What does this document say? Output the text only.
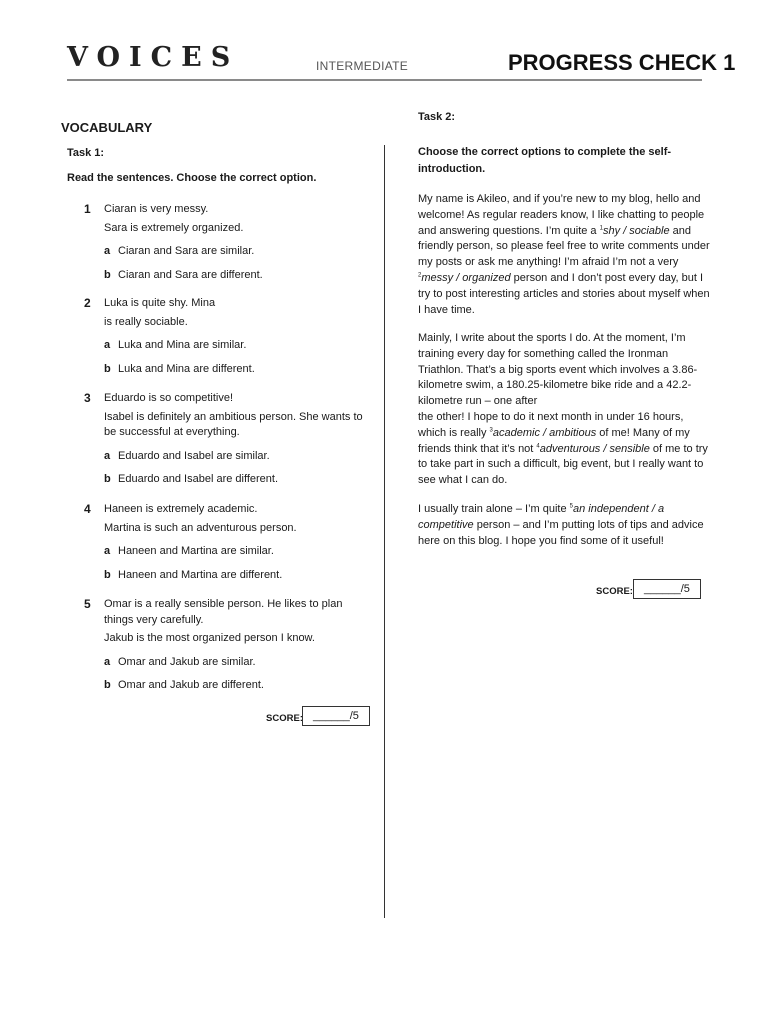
VOICES	INTERMEDIATE	PROGRESS CHECK 1
VOCABULARY
Task 1:
Read the sentences. Choose the correct option.
1 Ciaran is very messy.
Sara is extremely organized.
a Ciaran and Sara are similar.
b Ciaran and Sara are different.
2 Luka is quite shy. Mina
is really sociable.
a Luka and Mina are similar.
b Luka and Mina are different.
3 Eduardo is so competitive!
Isabel is definitely an ambitious person. She wants to be successful at everything.
a Eduardo and Isabel are similar.
b Eduardo and Isabel are different.
4 Haneen is extremely academic.
Martina is such an adventurous person.
a Haneen and Martina are similar.
b Haneen and Martina are different.
5 Omar is a really sensible person. He likes to plan things very carefully.
Jakub is the most organized person I know.
a Omar and Jakub are similar.
b Omar and Jakub are different.
SCORE: ______/5
Task 2:
Choose the correct options to complete the self-introduction.
My name is Akileo, and if you’re new to my blog, hello and welcome! As regular readers know, I like chatting to people and answering questions. I’m quite a $^1$shy / sociable and friendly person, so please feel free to write comments under my posts or ask me anything! I’m afraid I’m not a very $^2$messy / organized person and I don’t post every day, but I try to post interesting articles and stories about myself when I have time.
Mainly, I write about the sports I do. At the moment, I’m training every day for something called the Ironman Triathlon. That’s a big sports event which involves a 3.86-kilometre swim, a 180.25-kilometre bike ride and a 42.2-kilometre run – one after
the other! I hope to do it next month in under 16 hours, which is really $^3$academic / ambitious of me! Many of my friends think that it’s not $^4$adventurous / sensible of me to try to take part in such a difficult, big event, but I really want to see what I can do.
I usually train alone – I’m quite $^5$an independent / a competitive person – and I’m putting lots of tips and advice here on this blog. I hope you find some of it useful!
SCORE:	______/5
